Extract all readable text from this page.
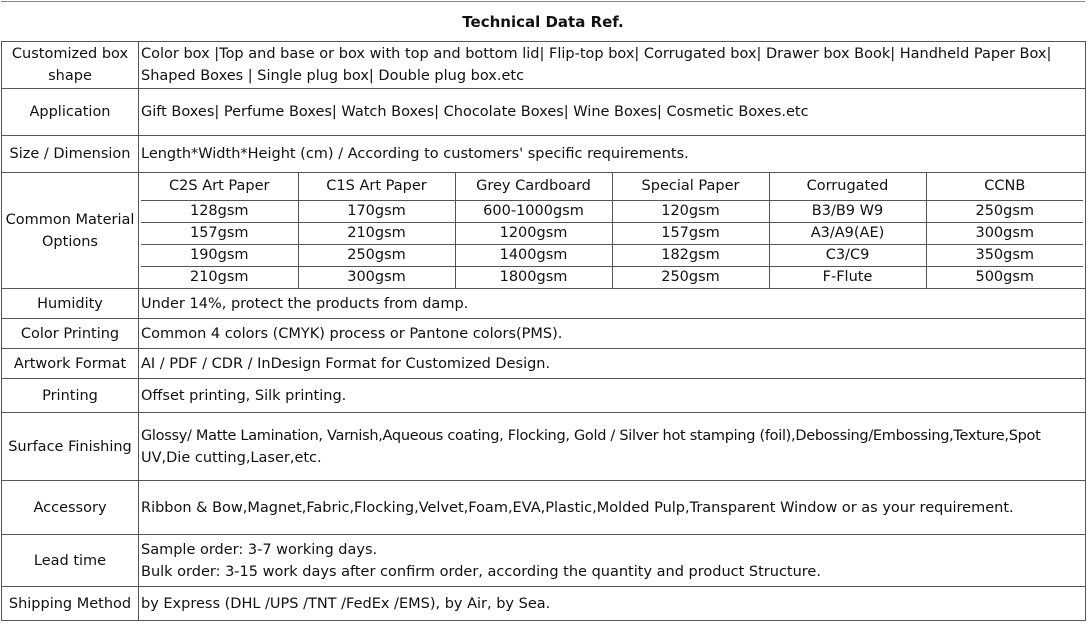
Technical Data Ref.
Customized box shape	Color box |Top and base or box with top and bottom lid| Flip-top box| Corrugated box| Drawer box Book| Handheld Paper Box|
Shaped Boxes | Single plug box| Double plug box.etc
Application	Gift Boxes| Perfume Boxes| Watch Boxes| Chocolate Boxes| Wine Boxes| Cosmetic Boxes.etc
Size / Dimension	Length*Width*Height (cm) / According to customers' specific requirements.
Common Material Options	
C2S Art Paper	C1S Art Paper	Grey Cardboard	Special Paper	Corrugated	CCNB
128gsm	170gsm	600-1000gsm	120gsm	B3/B9 W9	250gsm
157gsm	210gsm	1200gsm	157gsm	A3/A9(AE)	300gsm
190gsm	250gsm	1400gsm	182gsm	C3/C9	350gsm
210gsm	300gsm	1800gsm	250gsm	F-Flute	500gsm

Humidity	Under 14%, protect the products from damp.
Color Printing	Common 4 colors (CMYK) process or Pantone colors(PMS).
Artwork Format	AI / PDF / CDR / InDesign Format for Customized Design.
Printing	Offset printing, Silk printing.
Surface Finishing	Glossy/ Matte Lamination, Varnish,Aqueous coating, Flocking, Gold / Silver hot stamping (foil),Debossing/Embossing,Texture,Spot
UV,Die cutting,Laser,etc.
Accessory	Ribbon & Bow,Magnet,Fabric,Flocking,Velvet,Foam,EVA,Plastic,Molded Pulp,Transparent Window or as your requirement.
Lead time	Sample order: 3-7 working days.
Bulk order: 3-15 work days after confirm order, according the quantity and product Structure.
Shipping Method	by Express (DHL /UPS /TNT /FedEx /EMS), by Air, by Sea.
